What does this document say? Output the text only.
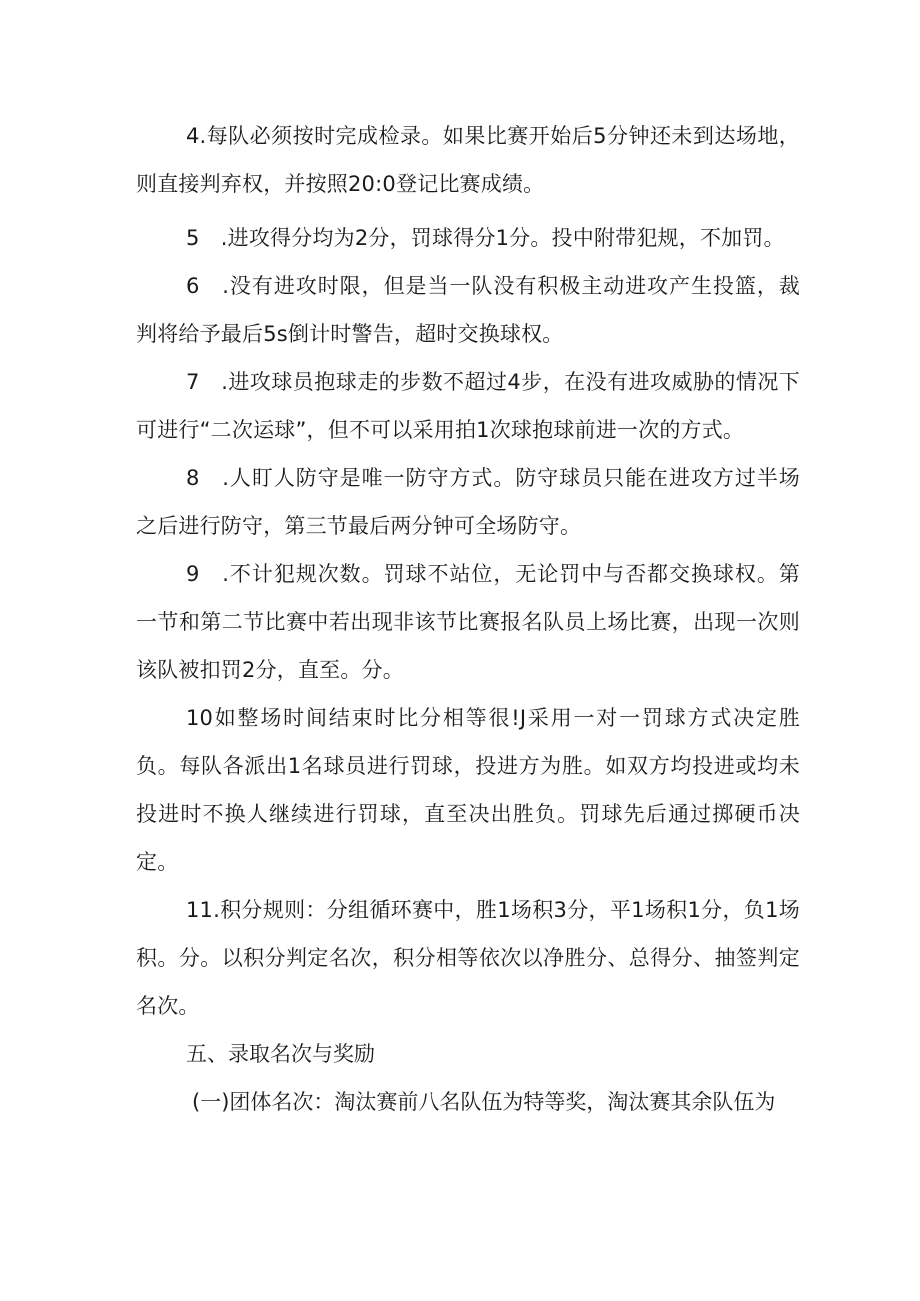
4.每队必须按时完成检录。如果比赛开始后5分钟还未到达场地，则直接判弃权，并按照20:0登记比赛成绩。

5　.进攻得分均为2分，罚球得分1分。投中附带犯规，不加罚。

6　.没有进攻时限，但是当一队没有积极主动进攻产生投篮，裁判将给予最后5s倒计时警告，超时交换球权。

7　.进攻球员抱球走的步数不超过4步，在没有进攻威胁的情况下可进行“二次运球”，但不可以采用拍1次球抱球前进一次的方式。

8　.人盯人防守是唯一防守方式。防守球员只能在进攻方过半场之后进行防守，第三节最后两分钟可全场防守。

9　.不计犯规次数。罚球不站位，无论罚中与否都交换球权。第一节和第二节比赛中若出现非该节比赛报名队员上场比赛，出现一次则该队被扣罚2分，直至。分。

10如整场时间结束时比分相等很!J采用一对一罚球方式决定胜负。每队各派出1名球员进行罚球，投进方为胜。如双方均投进或均未投进时不换人继续进行罚球，直至决出胜负。罚球先后通过掷硬币决定。

11.积分规则：分组循环赛中，胜1场积3分，平1场积1分，负1场积。分。以积分判定名次，积分相等依次以净胜分、总得分、抽签判定名次。

五、录取名次与奖励

(一)团体名次：淘汰赛前八名队伍为特等奖，淘汰赛其余队伍为
